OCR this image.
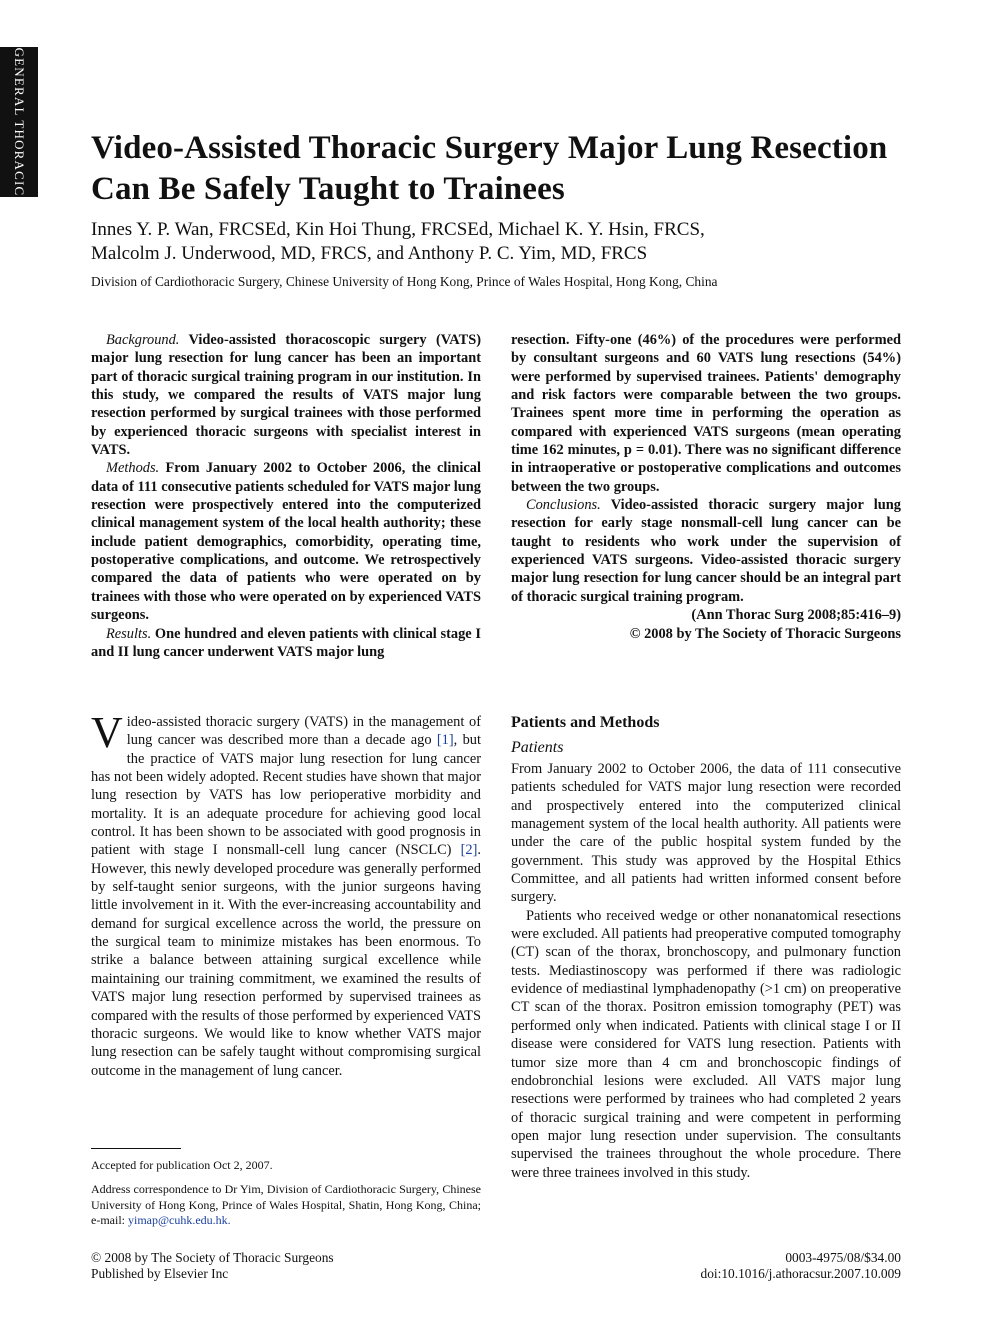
GENERAL THORACIC Video-Assisted Thoracic Surgery Major Lung Resection Can Be Safely Taught to Trainees
Innes Y. P. Wan, FRCSEd, Kin Hoi Thung, FRCSEd, Michael K. Y. Hsin, FRCS,
Malcolm J. Underwood, MD, FRCS, and Anthony P. C. Yim, MD, FRCS
Division of Cardiothoracic Surgery, Chinese University of Hong Kong, Prince of Wales Hospital, Hong Kong, China

Background. Video-assisted thoracoscopic surgery (VATS) major lung resection for lung cancer has been an important part of thoracic surgical training program in our institution. In this study, we compared the results of VATS major lung resection performed by surgical trainees with those performed by experienced thoracic surgeons with specialist interest in VATS.

Methods. From January 2002 to October 2006, the clinical data of 111 consecutive patients scheduled for VATS major lung resection were prospectively entered into the computerized clinical management system of the local health authority; these include patient demographics, comorbidity, operating time, postoperative complications, and outcome. We retrospectively compared the data of patients who were operated on by trainees with those who were operated on by experienced VATS surgeons.

Results. One hundred and eleven patients with clinical stage I and II lung cancer underwent VATS major lung

resection. Fifty-one (46%) of the procedures were performed by consultant surgeons and 60 VATS lung resections (54%) were performed by supervised trainees. Patients' demography and risk factors were comparable between the two groups. Trainees spent more time in performing the operation as compared with experienced VATS surgeons (mean operating time 162 minutes, p = 0.01). There was no significant difference in intraoperative or postoperative complications and outcomes between the two groups.

Conclusions. Video-assisted thoracic surgery major lung resection for early stage nonsmall-cell lung cancer can be taught to residents who work under the supervision of experienced VATS surgeons. Video-assisted thoracic surgery major lung resection for lung cancer should be an integral part of thoracic surgical training program.

(Ann Thorac Surg 2008;85:416–9)

© 2008 by The Society of Thoracic Surgeons

Video-assisted thoracic surgery (VATS) in the management of lung cancer was described more than a decade ago [1], but the practice of VATS major lung resection for lung cancer has not been widely adopted. Recent studies have shown that major lung resection by VATS has low perioperative morbidity and mortality. It is an adequate procedure for achieving good local control. It has been shown to be associated with good prognosis in patient with stage I nonsmall-cell lung cancer (NSCLC) [2]. However, this newly developed procedure was generally performed by self-taught senior surgeons, with the junior surgeons having little involvement in it. With the ever-increasing accountability and demand for surgical excellence across the world, the pressure on the surgical team to minimize mistakes has been enormous. To strike a balance between attaining surgical excellence while maintaining our training commitment, we examined the results of VATS major lung resection performed by supervised trainees as compared with the results of those performed by experienced VATS thoracic surgeons. We would like to know whether VATS major lung resection can be safely taught without compromising surgical outcome in the management of lung cancer.

Accepted for publication Oct 2, 2007.

Address correspondence to Dr Yim, Division of Cardiothoracic Surgery, Chinese University of Hong Kong, Prince of Wales Hospital, Shatin, Hong Kong, China; e-mail: yimap@cuhk.edu.hk.

Patients and Methods
Patients

From January 2002 to October 2006, the data of 111 consecutive patients scheduled for VATS major lung resection were recorded and prospectively entered into the computerized clinical management system of the local health authority. All patients were under the care of the public hospital system funded by the government. This study was approved by the Hospital Ethics Committee, and all patients had written informed consent before surgery.

Patients who received wedge or other nonanatomical resections were excluded. All patients had preoperative computed tomography (CT) scan of the thorax, bronchoscopy, and pulmonary function tests. Mediastinoscopy was performed if there was radiologic evidence of mediastinal lymphadenopathy (>1 cm) on preoperative CT scan of the thorax. Positron emission tomography (PET) was performed only when indicated. Patients with clinical stage I or II disease were considered for VATS lung resection. Patients with tumor size more than 4 cm and bronchoscopic findings of endobronchial lesions were excluded. All VATS major lung resections were performed by trainees who had completed 2 years of thoracic surgical training and were competent in performing open major lung resection under supervision. The consultants supervised the trainees throughout the whole procedure. There were three trainees involved in this study.

© 2008 by The Society of Thoracic Surgeons
Published by Elsevier Inc
0003-4975/08/$34.00
doi:10.1016/j.athoracsur.2007.10.009
